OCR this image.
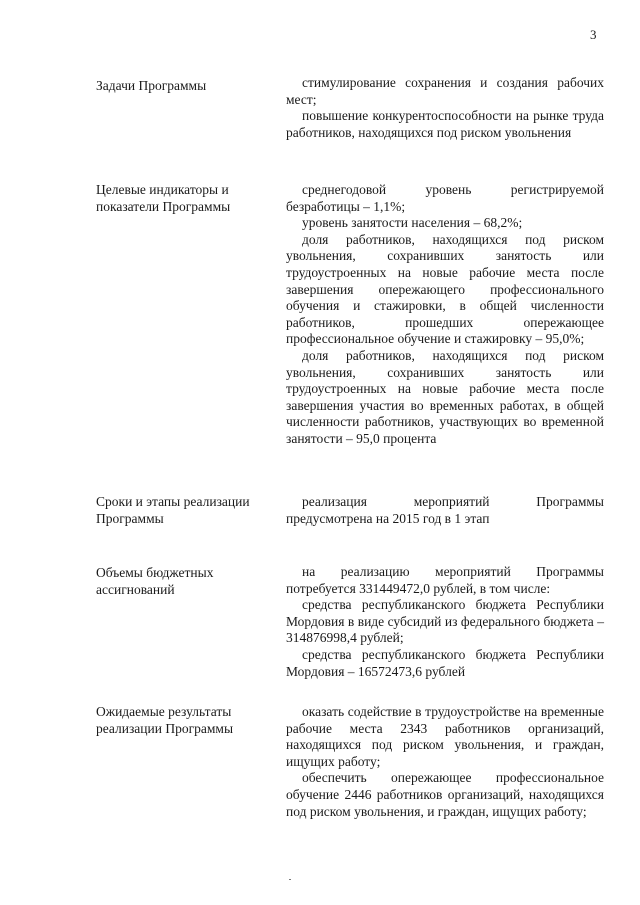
3
Задачи Программы	стимулирование сохранения и создания рабочих мест;

повышение конкурентоспособности на рынке труда работников, находящихся под риском увольнения

Целевые индикаторы и показатели Программы

среднегодовой уровень регистрируемой безработицы – 1,1%;

уровень занятости населения – 68,2%;

доля работников, находящихся под риском увольнения, сохранивших занятость или трудоустроенных на новые рабочие места после завершения опережающего профессионального обучения и стажировки, в общей численности работников, прошедших опережающее профессиональное обучение и стажировку – 95,0%;

доля работников, находящихся под риском увольнения, сохранивших занятость или трудоустроенных на новые рабочие места после завершения участия во временных работах, в общей численности работников, участвующих во временной занятости – 95,0 процента

Сроки и этапы реализации Программы

реализация мероприятий Программы предусмотрена на 2015 год в 1 этап

Объемы бюджетных ассигнований

на реализацию мероприятий Программы потребуется 331449472,0 рублей, в том числе:

средства республиканского бюджета Республики Мордовия в виде субсидий из федерального бюджета – 314876998,4 рублей;

средства республиканского бюджета Республики Мордовия – 16572473,6 рублей

Ожидаемые результаты реализации Программы

оказать содействие в трудоустройстве на временные рабочие места 2343 работников организаций, находящихся под риском увольнения, и граждан, ищущих работу;

обеспечить опережающее профессиональное обучение 2446 работников организаций, находящихся под риском увольнения, и граждан, ищущих работу;
